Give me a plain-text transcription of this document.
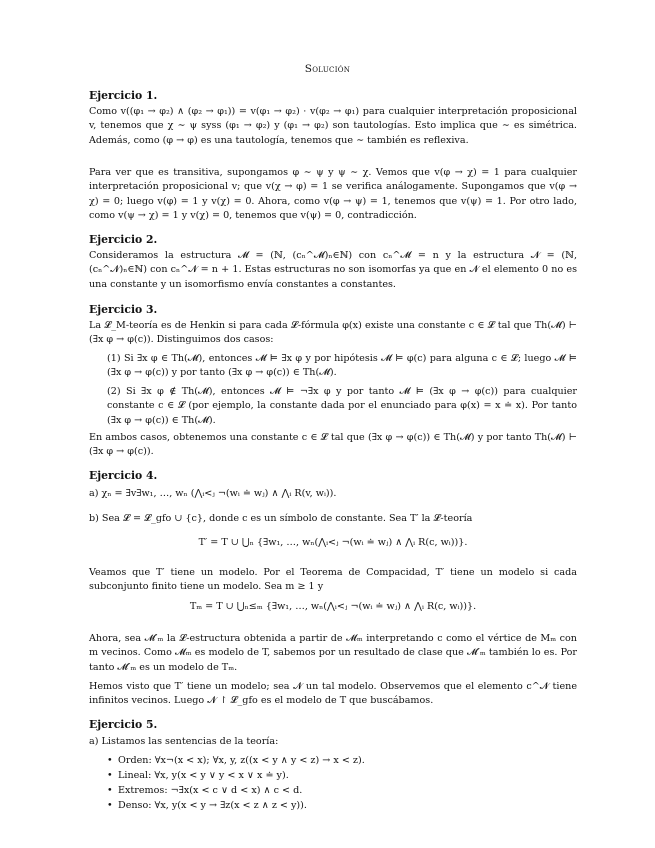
Solución
Ejercicio 1.
Como v((φ₁ → φ₂) ∧ (φ₂ → φ₁)) = v(φ₁ → φ₂) · v(φ₂ → φ₁) para cualquier interpretación proposicional v, tenemos que χ ∼ ψ syss (φ₁ → φ₂) y (φ₁ → φ₂) son tautologías. Esto implica que ∼ es simétrica. Además, como (φ → φ) es una tautología, tenemos que ∼ también es reflexiva.
Para ver que es transitiva, supongamos φ ∼ ψ y ψ ∼ χ. Vemos que v(φ → χ) = 1 para cualquier interpretación proposicional v; que v(χ → φ) = 1 se verifica análogamente. Supongamos que v(φ → χ) = 0; luego v(φ) = 1 y v(χ) = 0. Ahora, como v(φ → ψ) = 1, tenemos que v(ψ) = 1. Por otro lado, como v(ψ → χ) = 1 y v(χ) = 0, tenemos que v(ψ) = 0, contradicción.
Ejercicio 2.
Consideramos la estructura 𝓜 = (ℕ, (cₙ^𝓜)ₙ∈ℕ) con cₙ^𝓜 = n y la estructura 𝓝 = (ℕ, (cₙ^𝓝)ₙ∈ℕ) con cₙ^𝓝 = n + 1. Estas estructuras no son isomorfas ya que en 𝓝 el elemento 0 no es una constante y un isomorfismo envía constantes a constantes.
Ejercicio 3.
La 𝓛_M-teoría es de Henkin si para cada 𝓛-fórmula φ(x) existe una constante c ∈ 𝓛 tal que Th(𝓜) ⊢ (∃x φ → φ(c)). Distinguimos dos casos:
(1) Si ∃x φ ∈ Th(𝓜), entonces 𝓜 ⊨ ∃x φ y por hipótesis 𝓜 ⊨ φ(c) para alguna c ∈ 𝓛; luego 𝓜 ⊨ (∃x φ → φ(c)) y por tanto (∃x φ → φ(c)) ∈ Th(𝓜).
(2) Si ∃x φ ∉ Th(𝓜), entonces 𝓜 ⊨ ¬∃x φ y por tanto 𝓜 ⊨ (∃x φ → φ(c)) para cualquier constante c ∈ 𝓛 (por ejemplo, la constante dada por el enunciado para φ(x) = x ≐ x). Por tanto (∃x φ → φ(c)) ∈ Th(𝓜).
En ambos casos, obtenemos una constante c ∈ 𝓛 tal que (∃x φ → φ(c)) ∈ Th(𝓜) y por tanto Th(𝓜) ⊢ (∃x φ → φ(c)).
Ejercicio 4.
a) χₙ = ∃v∃w₁, …, wₙ (⋀ᵢ<ⱼ ¬(wᵢ ≐ wⱼ) ∧ ⋀ᵢ R(v, wᵢ)).
b) Sea 𝓛 = 𝓛_gfo ∪ {c}, donde c es un símbolo de constante. Sea T′ la 𝓛-teoría
T′ = T ∪ ⋃ₙ {∃w₁, …, wₙ(⋀ᵢ<ⱼ ¬(wᵢ ≐ wⱼ) ∧ ⋀ᵢ R(c, wᵢ))}.
Veamos que T′ tiene un modelo. Por el Teorema de Compacidad, T′ tiene un modelo si cada subconjunto finito tiene un modelo. Sea m ≥ 1 y
Tₘ = T ∪ ⋃ₙ≤ₘ {∃w₁, …, wₙ(⋀ᵢ<ⱼ ¬(wᵢ ≐ wⱼ) ∧ ⋀ᵢ R(c, wᵢ))}.
Ahora, sea 𝓜′ₘ la 𝓛-estructura obtenida a partir de 𝓜ₘ interpretando c como el vértice de Mₘ con m vecinos. Como 𝓜ₘ es modelo de T, sabemos por un resultado de clase que 𝓜′ₘ también lo es. Por tanto 𝓜′ₘ es un modelo de Tₘ.
Hemos visto que T′ tiene un modelo; sea 𝓝 un tal modelo. Observemos que el elemento c^𝓝 tiene infinitos vecinos. Luego 𝓝 ↾ 𝓛_gfo es el modelo de T que buscábamos.
Ejercicio 5.
a) Listamos las sentencias de la teoría:
• Orden: ∀x¬(x < x); ∀x, y, z((x < y ∧ y < z) → x < z).
• Lineal: ∀x, y(x < y ∨ y < x ∨ x ≐ y).
• Extremos: ¬∃x(x < c ∨ d < x) ∧ c < d.
• Denso: ∀x, y(x < y → ∃z(x < z ∧ z < y)).
